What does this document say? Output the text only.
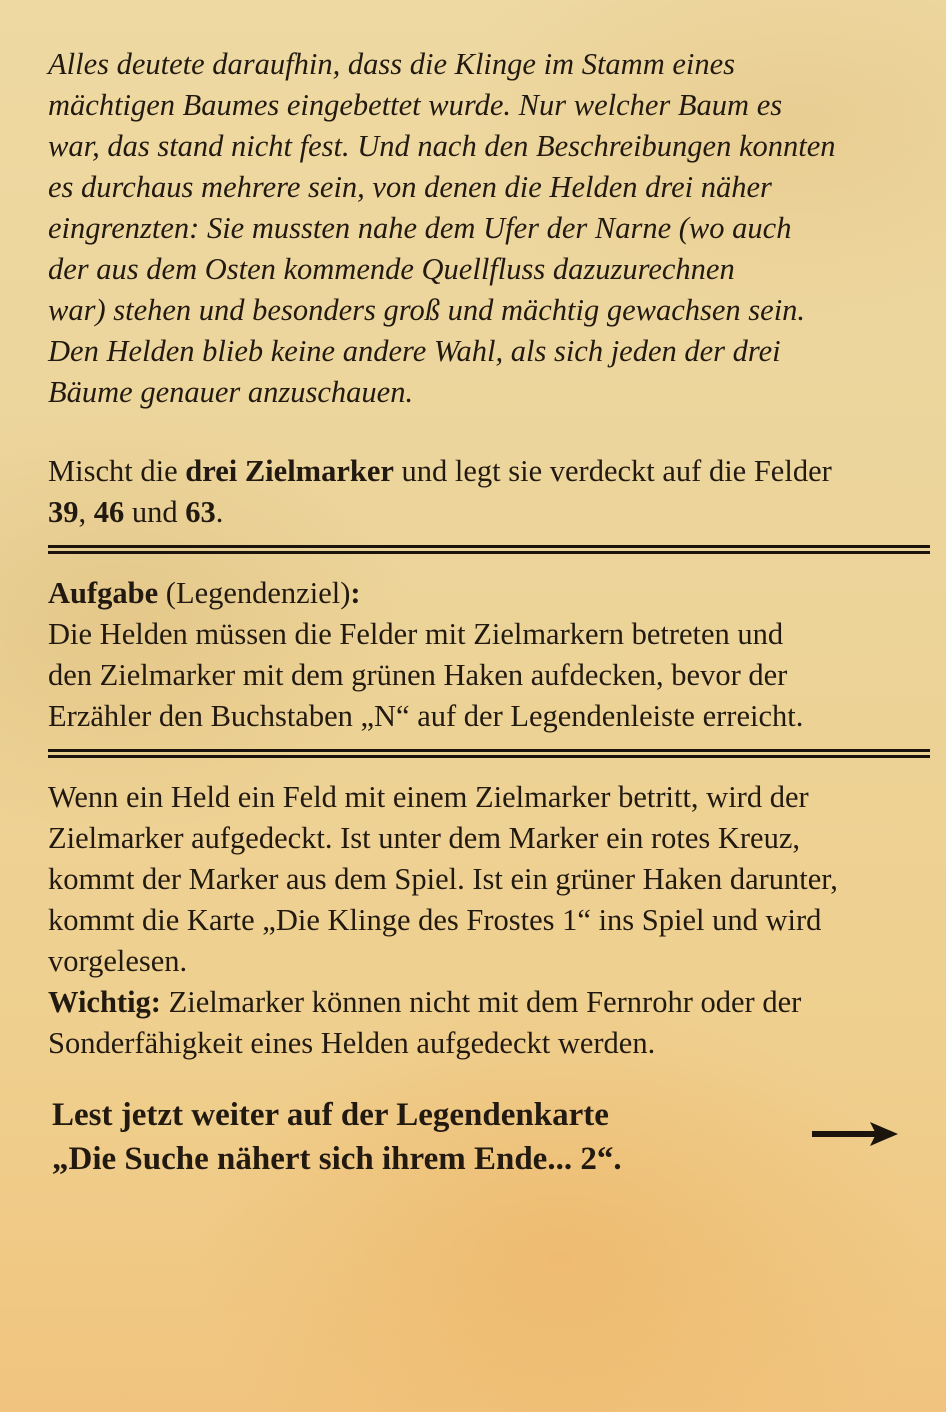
Alles deutete daraufhin, dass die Klinge im Stamm eines
mächtigen Baumes eingebettet wurde. Nur welcher Baum es
war, das stand nicht fest. Und nach den Beschreibungen konnten
es durchaus mehrere sein, von denen die Helden drei näher
eingrenzten: Sie mussten nahe dem Ufer der Narne (wo auch
der aus dem Osten kommende Quellfluss dazuzurechnen
war) stehen und besonders groß und mächtig gewachsen sein.
Den Helden blieb keine andere Wahl, als sich jeden der drei
Bäume genauer anzuschauen.
Mischt die drei Zielmarker und legt sie verdeckt auf die Felder
39, 46 und 63.
Aufgabe (Legendenziel):
Die Helden müssen die Felder mit Zielmarkern betreten und
den Zielmarker mit dem grünen Haken aufdecken, bevor der
Erzähler den Buchstaben „N“ auf der Legendenleiste erreicht.
Wenn ein Held ein Feld mit einem Zielmarker betritt, wird der
Zielmarker aufgedeckt. Ist unter dem Marker ein rotes Kreuz,
kommt der Marker aus dem Spiel. Ist ein grüner Haken darunter,
kommt die Karte „Die Klinge des Frostes 1“ ins Spiel und wird
vorgelesen.
Wichtig: Zielmarker können nicht mit dem Fernrohr oder der
Sonderfähigkeit eines Helden aufgedeckt werden.
Lest jetzt weiter auf der Legendenkarte
„Die Suche nähert sich ihrem Ende... 2“.
